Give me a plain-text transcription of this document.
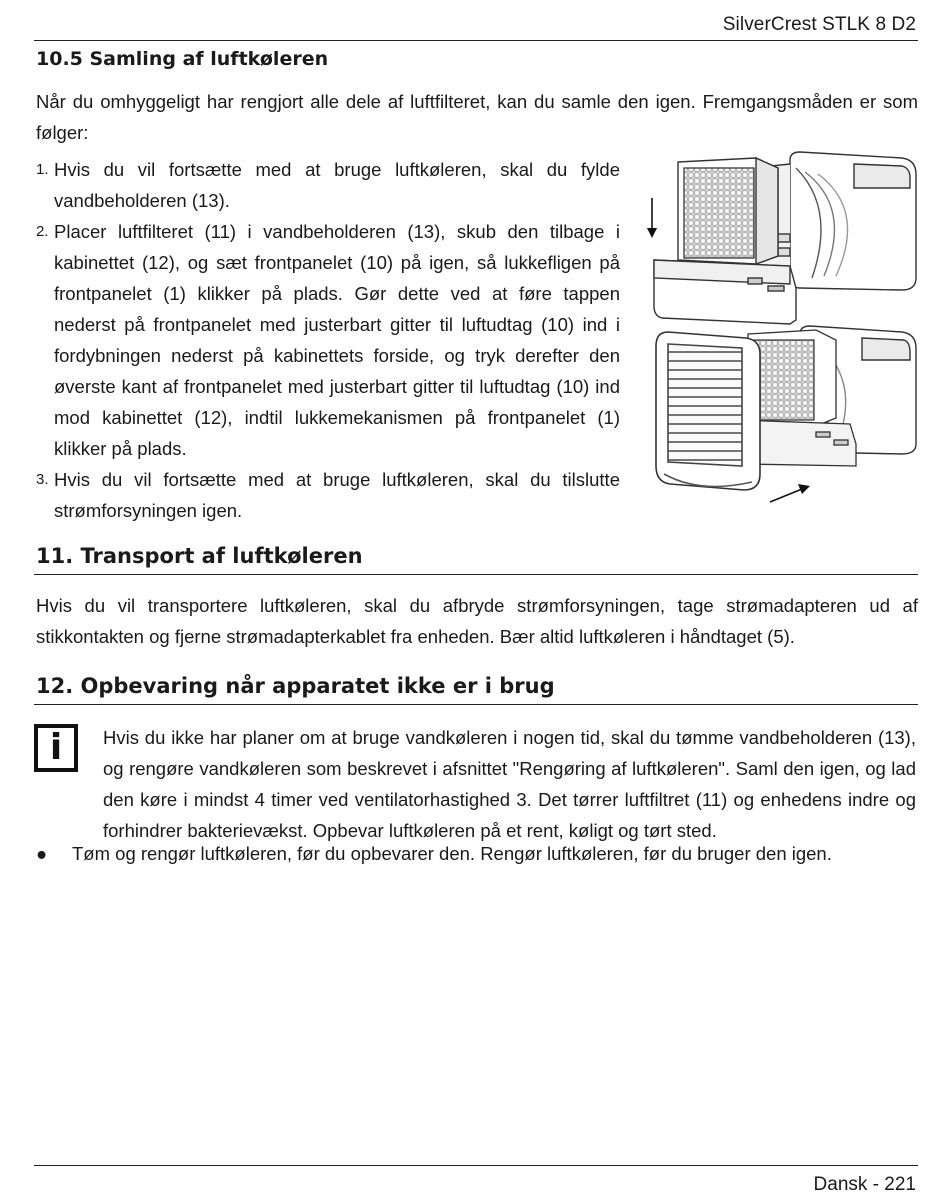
SilverCrest STLK 8 D2
10.5 Samling af luftkøleren
Når du omhyggeligt har rengjort alle dele af luftfilteret, kan du samle den igen. Fremgangsmåden er som følger:
1. Hvis du vil fortsætte med at bruge luftkøleren, skal du fylde vandbeholderen (13).
2. Placer luftfilteret (11) i vandbeholderen (13), skub den tilbage i kabinettet (12), og sæt frontpanelet (10) på igen, så lukkefligen på frontpanelet (1) klikker på plads. Gør dette ved at føre tappen nederst på frontpanelet med justerbart gitter til luftudtag (10) ind i fordybningen nederst på kabinettets forside, og tryk derefter den øverste kant af frontpanelet med justerbart gitter til luftudtag (10) ind mod kabinettet (12), indtil lukkemekanismen på frontpanelet (1) klikker på plads.
3. Hvis du vil fortsætte med at bruge luftkøleren, skal du tilslutte strømforsyningen igen.
11. Transport af luftkøleren
Hvis du vil transportere luftkøleren, skal du afbryde strømforsyningen, tage strømadapteren ud af stikkontakten og fjerne strømadapterkablet fra enheden. Bær altid luftkøleren i håndtaget (5).
12. Opbevaring når apparatet ikke er i brug
i Hvis du ikke har planer om at bruge vandkøleren i nogen tid, skal du tømme vandbeholderen (13), og rengøre vandkøleren som beskrevet i afsnittet "Rengøring af luftkøleren". Saml den igen, og lad den køre i mindst 4 timer ved ventilatorhastighed 3. Det tørrer luftfiltret (11) og enhedens indre og forhindrer bakterievækst. Opbevar luftkøleren på et rent, køligt og tørt sted.
● Tøm og rengør luftkøleren, før du opbevarer den. Rengør luftkøleren, før du bruger den igen.
Dansk - 221
